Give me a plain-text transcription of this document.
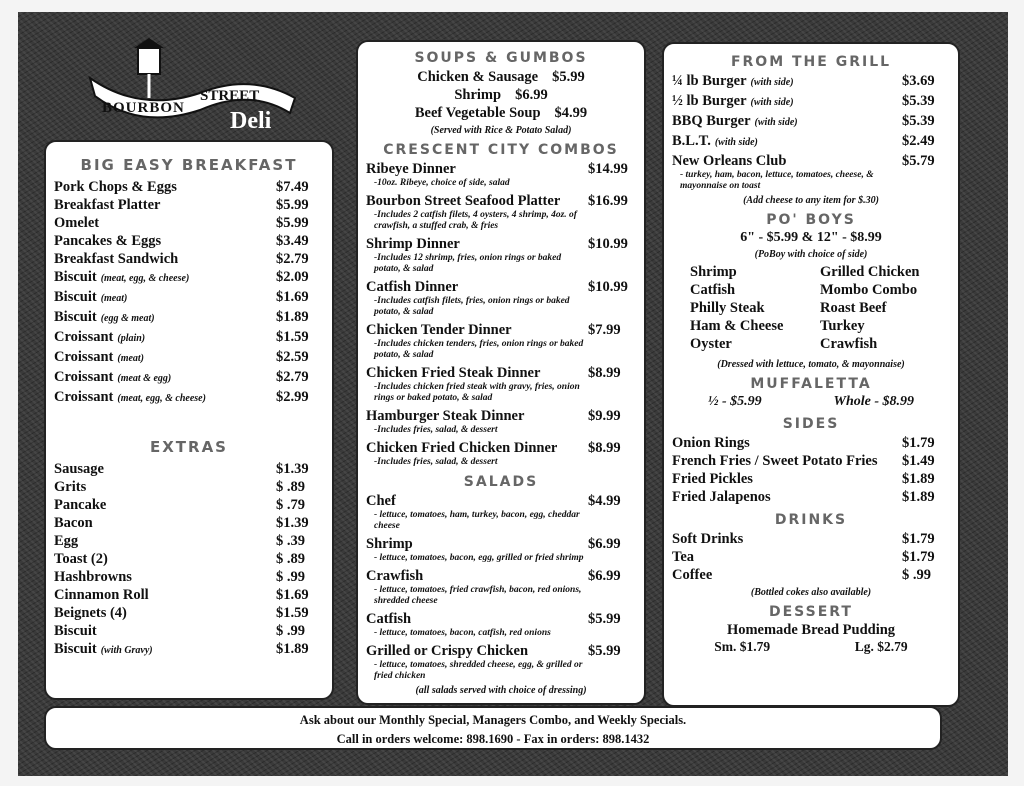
BOURBON
STREET
Deli
BIG EASY BREAKFAST
Pork Chops & Eggs	$7.49
Breakfast Platter	$5.99
Omelet	$5.99
Pancakes & Eggs	$3.49
Breakfast Sandwich	$2.79
Biscuit (meat, egg, & cheese)	$2.09
Biscuit (meat)	$1.69
Biscuit (egg & meat)	$1.89
Croissant (plain)	$1.59
Croissant (meat)	$2.59
Croissant (meat & egg)	$2.79
Croissant (meat, egg, & cheese)	$2.99
EXTRAS
Sausage	$1.39
Grits	$ .89
Pancake	$ .79
Bacon	$1.39
Egg	$ .39
Toast (2)	$ .89
Hashbrowns	$ .99
Cinnamon Roll	$1.69
Beignets (4)	$1.59
Biscuit	$ .99
Biscuit (with Gravy)	$1.89
SOUPS & GUMBOS
Chicken & Sausage $5.99
Shrimp $6.99
Beef Vegetable Soup $4.99
(Served with Rice & Potato Salad)
CRESCENT CITY COMBOS
Ribeye Dinner	$14.99
-10oz. Ribeye, choice of side, salad
Bourbon Street Seafood Platter	$16.99
-Includes 2 catfish filets, 4 oysters, 4 shrimp, 4oz. of crawfish, a stuffed crab, & fries
Shrimp Dinner	$10.99
-Includes 12 shrimp, fries, onion rings or baked potato, & salad
Catfish Dinner	$10.99
-Includes catfish filets, fries, onion rings or baked potato, & salad
Chicken Tender Dinner	$7.99
-Includes chicken tenders, fries, onion rings or baked potato, & salad
Chicken Fried Steak Dinner	$8.99
-Includes chicken fried steak with gravy, fries, onion rings or baked potato, & salad
Hamburger Steak Dinner	$9.99
-Includes fries, salad, & dessert
Chicken Fried Chicken Dinner	$8.99
-Includes fries, salad, & dessert
SALADS
Chef	$4.99
- lettuce, tomatoes, ham, turkey, bacon, egg, cheddar cheese
Shrimp	$6.99
- lettuce, tomatoes, bacon, egg, grilled or fried shrimp
Crawfish	$6.99
- lettuce, tomatoes, fried crawfish, bacon, red onions, shredded cheese
Catfish	$5.99
- lettuce, tomatoes, bacon, catfish, red onions
Grilled or Crispy Chicken	$5.99
- lettuce, tomatoes, shredded cheese, egg, & grilled or fried chicken
(all salads served with choice of dressing)
FROM THE GRILL
¼ lb Burger (with side)	$3.69
½ lb Burger (with side)	$5.39
BBQ Burger (with side)	$5.39
B.L.T. (with side)	$2.49
New Orleans Club	$5.79
- turkey, ham, bacon, lettuce, tomatoes, cheese, & mayonnaise on toast
(Add cheese to any item for $.30)
PO' BOYS
6" - $5.99 & 12" - $8.99
(PoBoy with choice of side)
Shrimp	Grilled Chicken
Catfish	Mombo Combo
Philly Steak	Roast Beef
Ham & Cheese	Turkey
Oyster	Crawfish
(Dressed with lettuce, tomato, & mayonnaise)
MUFFALETTA
½ - $5.99	Whole - $8.99
SIDES
Onion Rings	$1.79
French Fries / Sweet Potato Fries	$1.49
Fried Pickles	$1.89
Fried Jalapenos	$1.89
DRINKS
Soft Drinks	$1.79
Tea	$1.79
Coffee	$ .99
(Bottled cokes also available)
DESSERT
Homemade Bread Pudding
Sm. $1.79	Lg. $2.79
Ask about our Monthly Special, Managers Combo, and Weekly Specials.
Call in orders welcome: 898.1690 - Fax in orders: 898.1432
